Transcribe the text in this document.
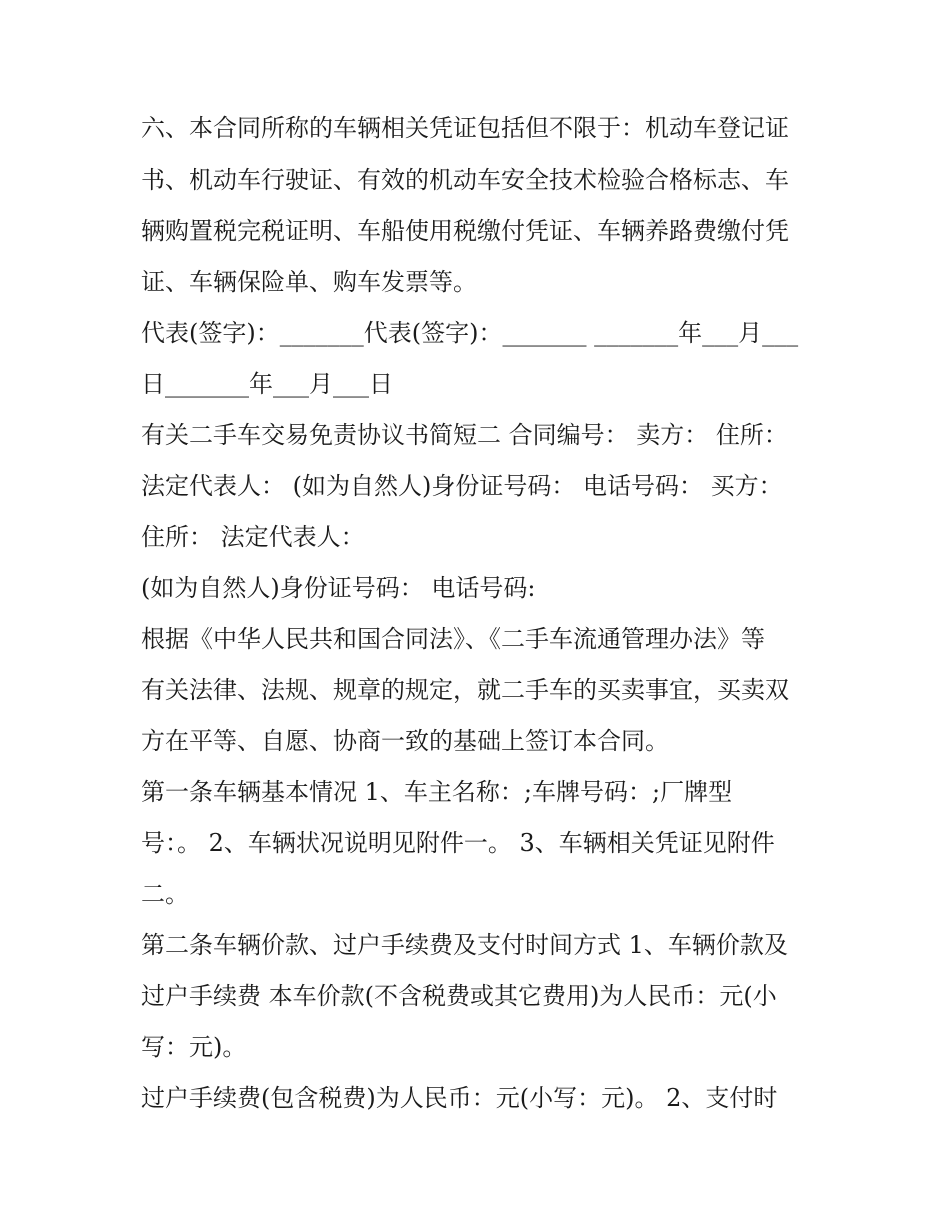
六、本合同所称的车辆相关凭证包括但不限于：机动车登记证
书、机动车行驶证、有效的机动车安全技术检验合格标志、车
辆购置税完税证明、车船使用税缴付凭证、车辆养路费缴付凭
证、车辆保险单、购车发票等。
代表(签字)：_______代表(签字)：_______ _______年___月___
日_______年___月___日
有关二手车交易免责协议书简短二 合同编号： 卖方： 住所：
法定代表人： (如为自然人)身份证号码： 电话号码： 买方：
住所： 法定代表人：
(如为自然人)身份证号码： 电话号码:
根据《中华人民共和国合同法》、《二手车流通管理办法》等
有关法律、法规、规章的规定，就二手车的买卖事宜，买卖双
方在平等、自愿、协商一致的基础上签订本合同。
第一条车辆基本情况 1、车主名称：;车牌号码：;厂牌型
号：。 2、车辆状况说明见附件一。 3、车辆相关凭证见附件
二。
第二条车辆价款、过户手续费及支付时间方式 1、车辆价款及
过户手续费 本车价款(不含税费或其它费用)为人民币：元(小
写：元)。
过户手续费(包含税费)为人民币：元(小写：元)。 2、支付时
